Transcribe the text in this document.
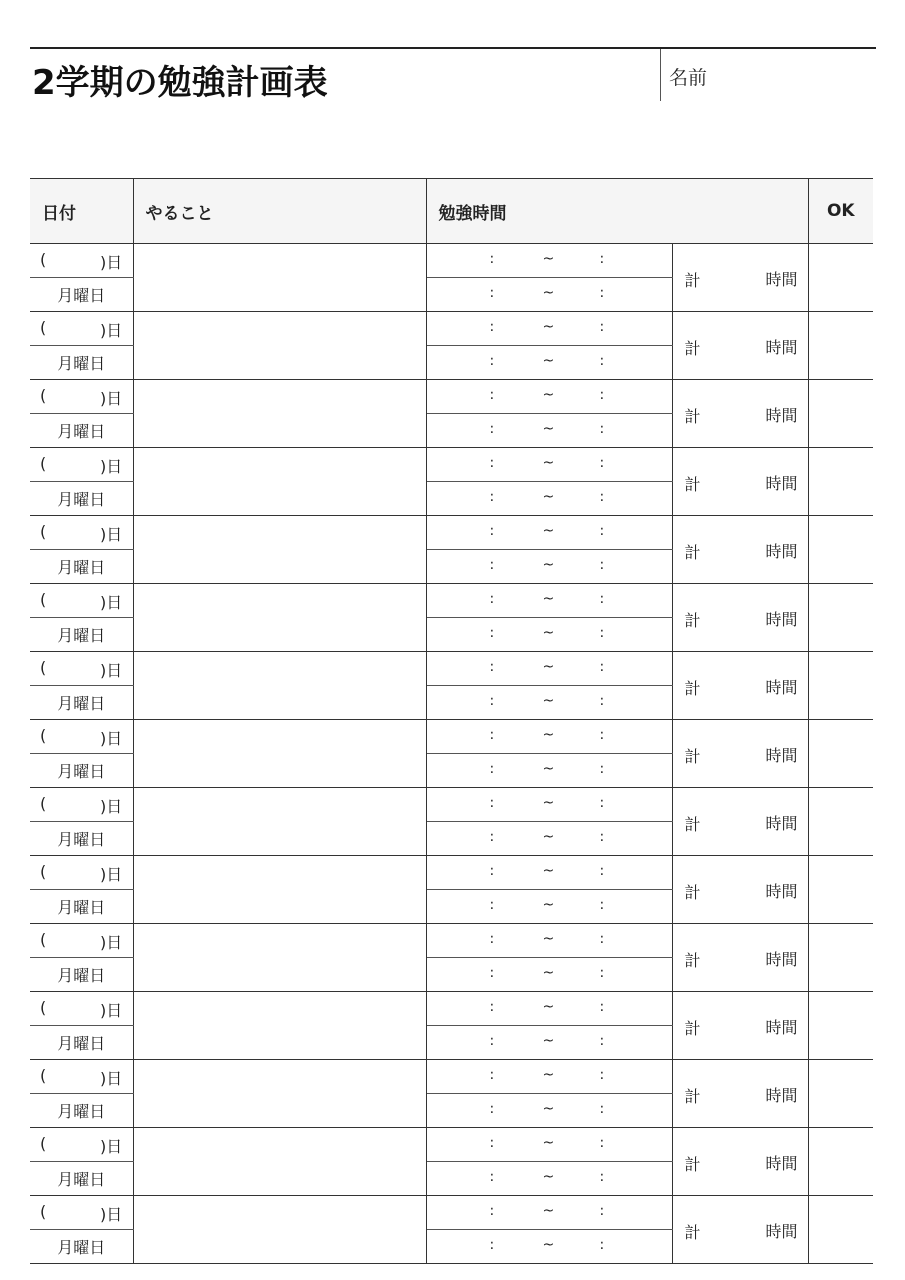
2学期の勉強計画表	名前
日付	やること	勉強時間		OK

( )日		: ~ :	計 時間	

月曜日		: ~ :		

( )日		: ~ :	計 時間	

月曜日		: ~ :		

( )日		: ~ :	計 時間	

月曜日		: ~ :		

( )日		: ~ :	計 時間	

月曜日		: ~ :		

( )日		: ~ :	計 時間	

月曜日		: ~ :		

( )日		: ~ :	計 時間	

月曜日		: ~ :		

( )日		: ~ :	計 時間	

月曜日		: ~ :		

( )日		: ~ :	計 時間	

月曜日		: ~ :		

( )日		: ~ :	計 時間	

月曜日		: ~ :		

( )日		: ~ :	計 時間	

月曜日		: ~ :		

( )日		: ~ :	計 時間	

月曜日		: ~ :		

( )日		: ~ :	計 時間	

月曜日		: ~ :		

( )日		: ~ :	計 時間	

月曜日		: ~ :		

( )日		: ~ :	計 時間	

月曜日		: ~ :		

( )日		: ~ :	計 時間	

月曜日		: ~ :		
